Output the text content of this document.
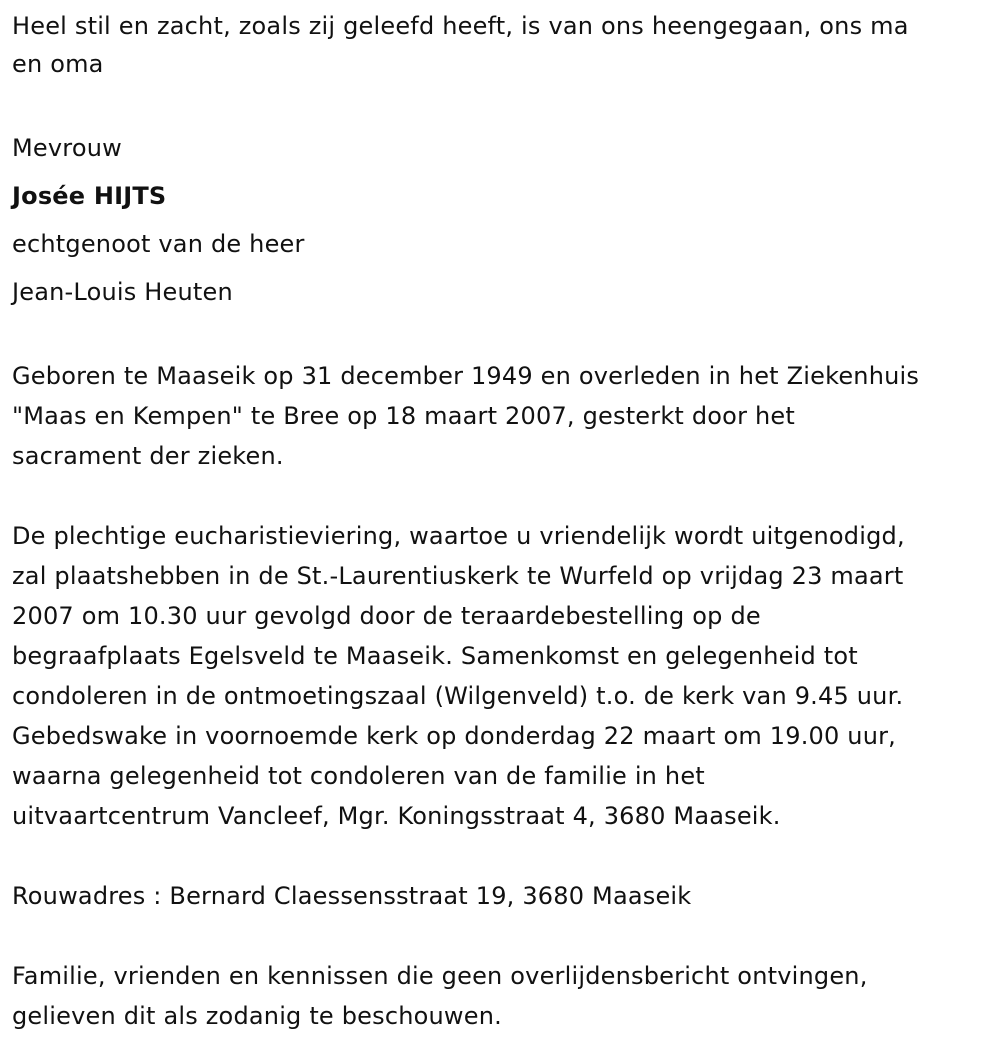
Heel stil en zacht, zoals zij geleefd heeft, is van ons heengegaan, ons ma
en oma

Mevrouw

Josée HIJTS

echtgenoot van de heer

Jean-Louis Heuten

Geboren te Maaseik op 31 december 1949 en overleden in het Ziekenhuis
"Maas en Kempen" te Bree op 18 maart 2007, gesterkt door het
sacrament der zieken.

De plechtige eucharistieviering, waartoe u vriendelijk wordt uitgenodigd,
zal plaatshebben in de St.-Laurentiuskerk te Wurfeld op vrijdag 23 maart
2007 om 10.30 uur gevolgd door de teraardebestelling op de
begraafplaats Egelsveld te Maaseik. Samenkomst en gelegenheid tot
condoleren in de ontmoetingszaal (Wilgenveld) t.o. de kerk van 9.45 uur.
Gebedswake in voornoemde kerk op donderdag 22 maart om 19.00 uur,
waarna gelegenheid tot condoleren van de familie in het
uitvaartcentrum Vancleef, Mgr. Koningsstraat 4, 3680 Maaseik.

Rouwadres : Bernard Claessensstraat 19, 3680 Maaseik

Familie, vrienden en kennissen die geen overlijdensbericht ontvingen,
gelieven dit als zodanig te beschouwen.
